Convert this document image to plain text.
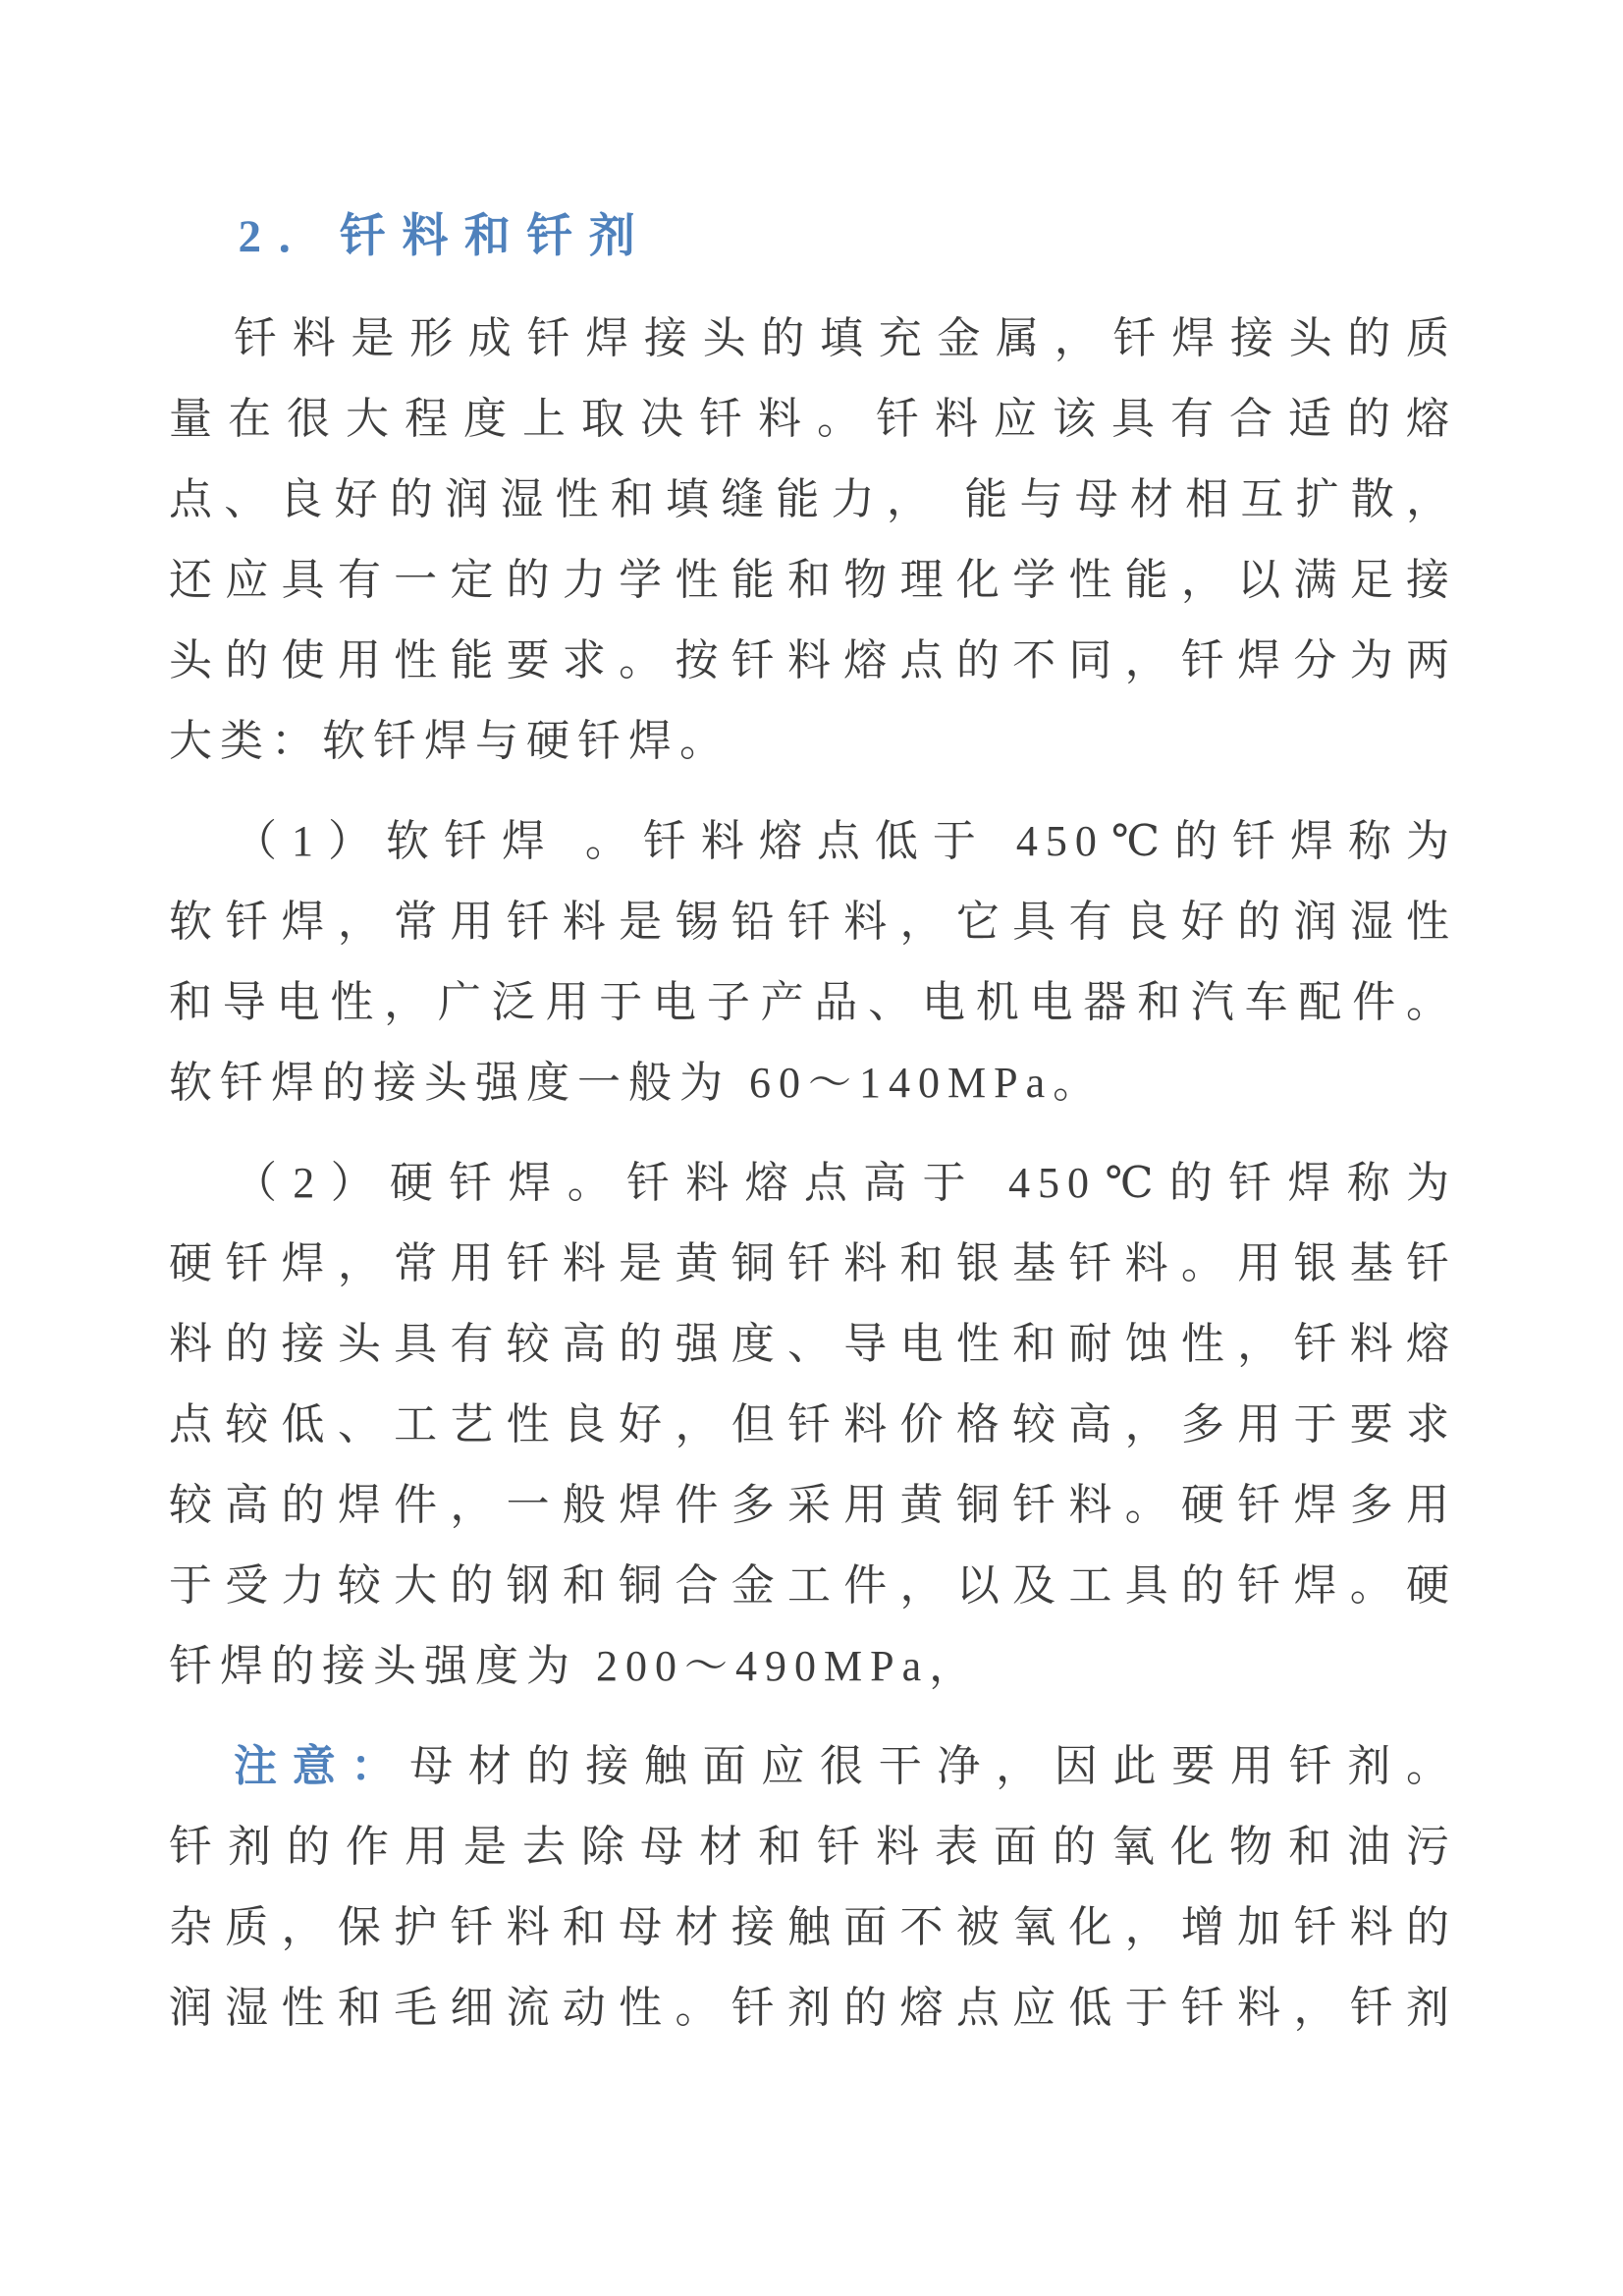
2．钎料和钎剂

钎料是形成钎焊接头的填充金属，钎焊接头的质
量在很大程度上取决钎料。钎料应该具有合适的熔
点、良好的润湿性和填缝能力， 能与母材相互扩散，
还应具有一定的力学性能和物理化学性能，以满足接
头的使用性能要求。按钎料熔点的不同，钎焊分为两
大类：软钎焊与硬钎焊。

（1）软钎焊 。钎料熔点低于 450℃的钎焊称为
软钎焊，常用钎料是锡铅钎料，它具有良好的润湿性
和导电性，广泛用于电子产品、电机电器和汽车配件。
软钎焊的接头强度一般为 60～140MPa。

（2）硬钎焊。钎料熔点高于 450℃的钎焊称为
硬钎焊，常用钎料是黄铜钎料和银基钎料。用银基钎
料的接头具有较高的强度、导电性和耐蚀性，钎料熔
点较低、工艺性良好，但钎料价格较高，多用于要求
较高的焊件，一般焊件多采用黄铜钎料。硬钎焊多用
于受力较大的钢和铜合金工件，以及工具的钎焊。硬
钎焊的接头强度为 200～490MPa，

注意：母材的接触面应很干净，因此要用钎剂。
钎剂的作用是去除母材和钎料表面的氧化物和油污
杂质，保护钎料和母材接触面不被氧化，增加钎料的
润湿性和毛细流动性。钎剂的熔点应低于钎料，钎剂
